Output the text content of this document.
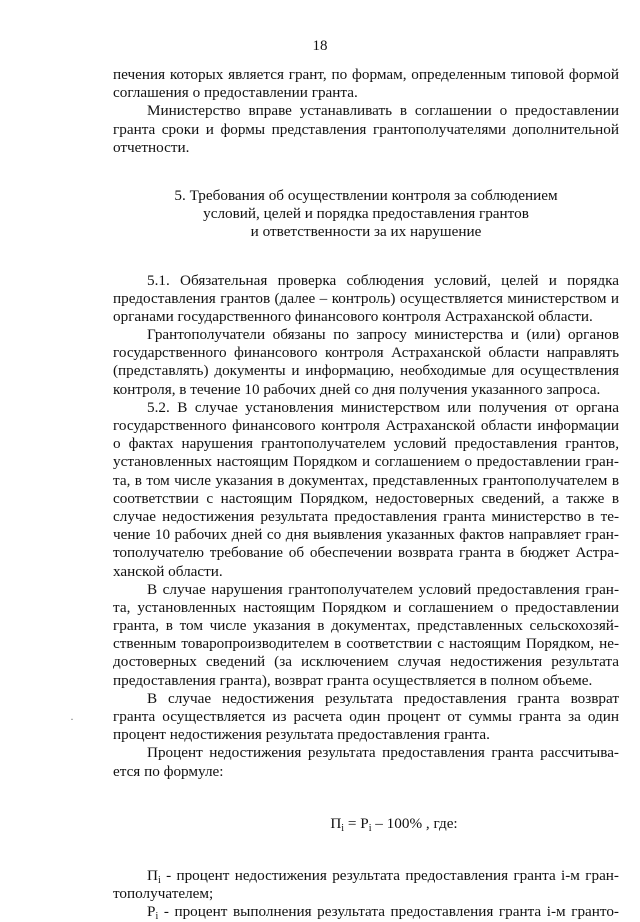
18
печения которых является грант, по формам, определенным типовой формой
соглашения о предоставлении гранта.
Министерство вправе устанавливать в соглашении о предоставлении
гранта сроки и формы представления грантополучателями дополнительной
отчетности.
5. Требования об осуществлении контроля за соблюдением
условий, целей и порядка предоставления грантов
и ответственности за их нарушение
5.1. Обязательная проверка соблюдения условий, целей и порядка
предоставления грантов (далее – контроль) осуществляется министерством и
органами государственного финансового контроля Астраханской области.
Грантополучатели обязаны по запросу министерства и (или) органов
государственного финансового контроля Астраханской области направлять
(представлять) документы и информацию, необходимые для осуществления
контроля, в течение 10 рабочих дней со дня получения указанного запроса.
5.2. В случае установления министерством или получения от органа
государственного финансового контроля Астраханской области информации
о фактах нарушения грантополучателем условий предоставления грантов,
установленных настоящим Порядком и соглашением о предоставлении гран-
та, в том числе указания в документах, представленных грантополучателем в
соответствии с настоящим Порядком, недостоверных сведений, а также в
случае недостижения результата предоставления гранта министерство в те-
чение 10 рабочих дней со дня выявления указанных фактов направляет гран-
тополучателю требование об обеспечении возврата гранта в бюджет Астра-
ханской области.
В случае нарушения грантополучателем условий предоставления гран-
та, установленных настоящим Порядком и соглашением о предоставлении
гранта, в том числе указания в документах, представленных сельскохозяй-
ственным товаропроизводителем в соответствии с настоящим Порядком, не-
достоверных сведений (за исключением случая недостижения результата
предоставления гранта), возврат гранта осуществляется в полном объеме.
В случае недостижения результата предоставления гранта возврат
гранта осуществляется из расчета один процент от суммы гранта за один
процент недостижения результата предоставления гранта.
Процент недостижения результата предоставления гранта рассчитыва-
ется по формуле:
$П_i = P_i - 100\%$ , где:
$П_i$ - процент недостижения результата предоставления гранта i-м гран-
тополучателем;
$P_i$ - процент выполнения результата предоставления гранта i-м гранто-
·
